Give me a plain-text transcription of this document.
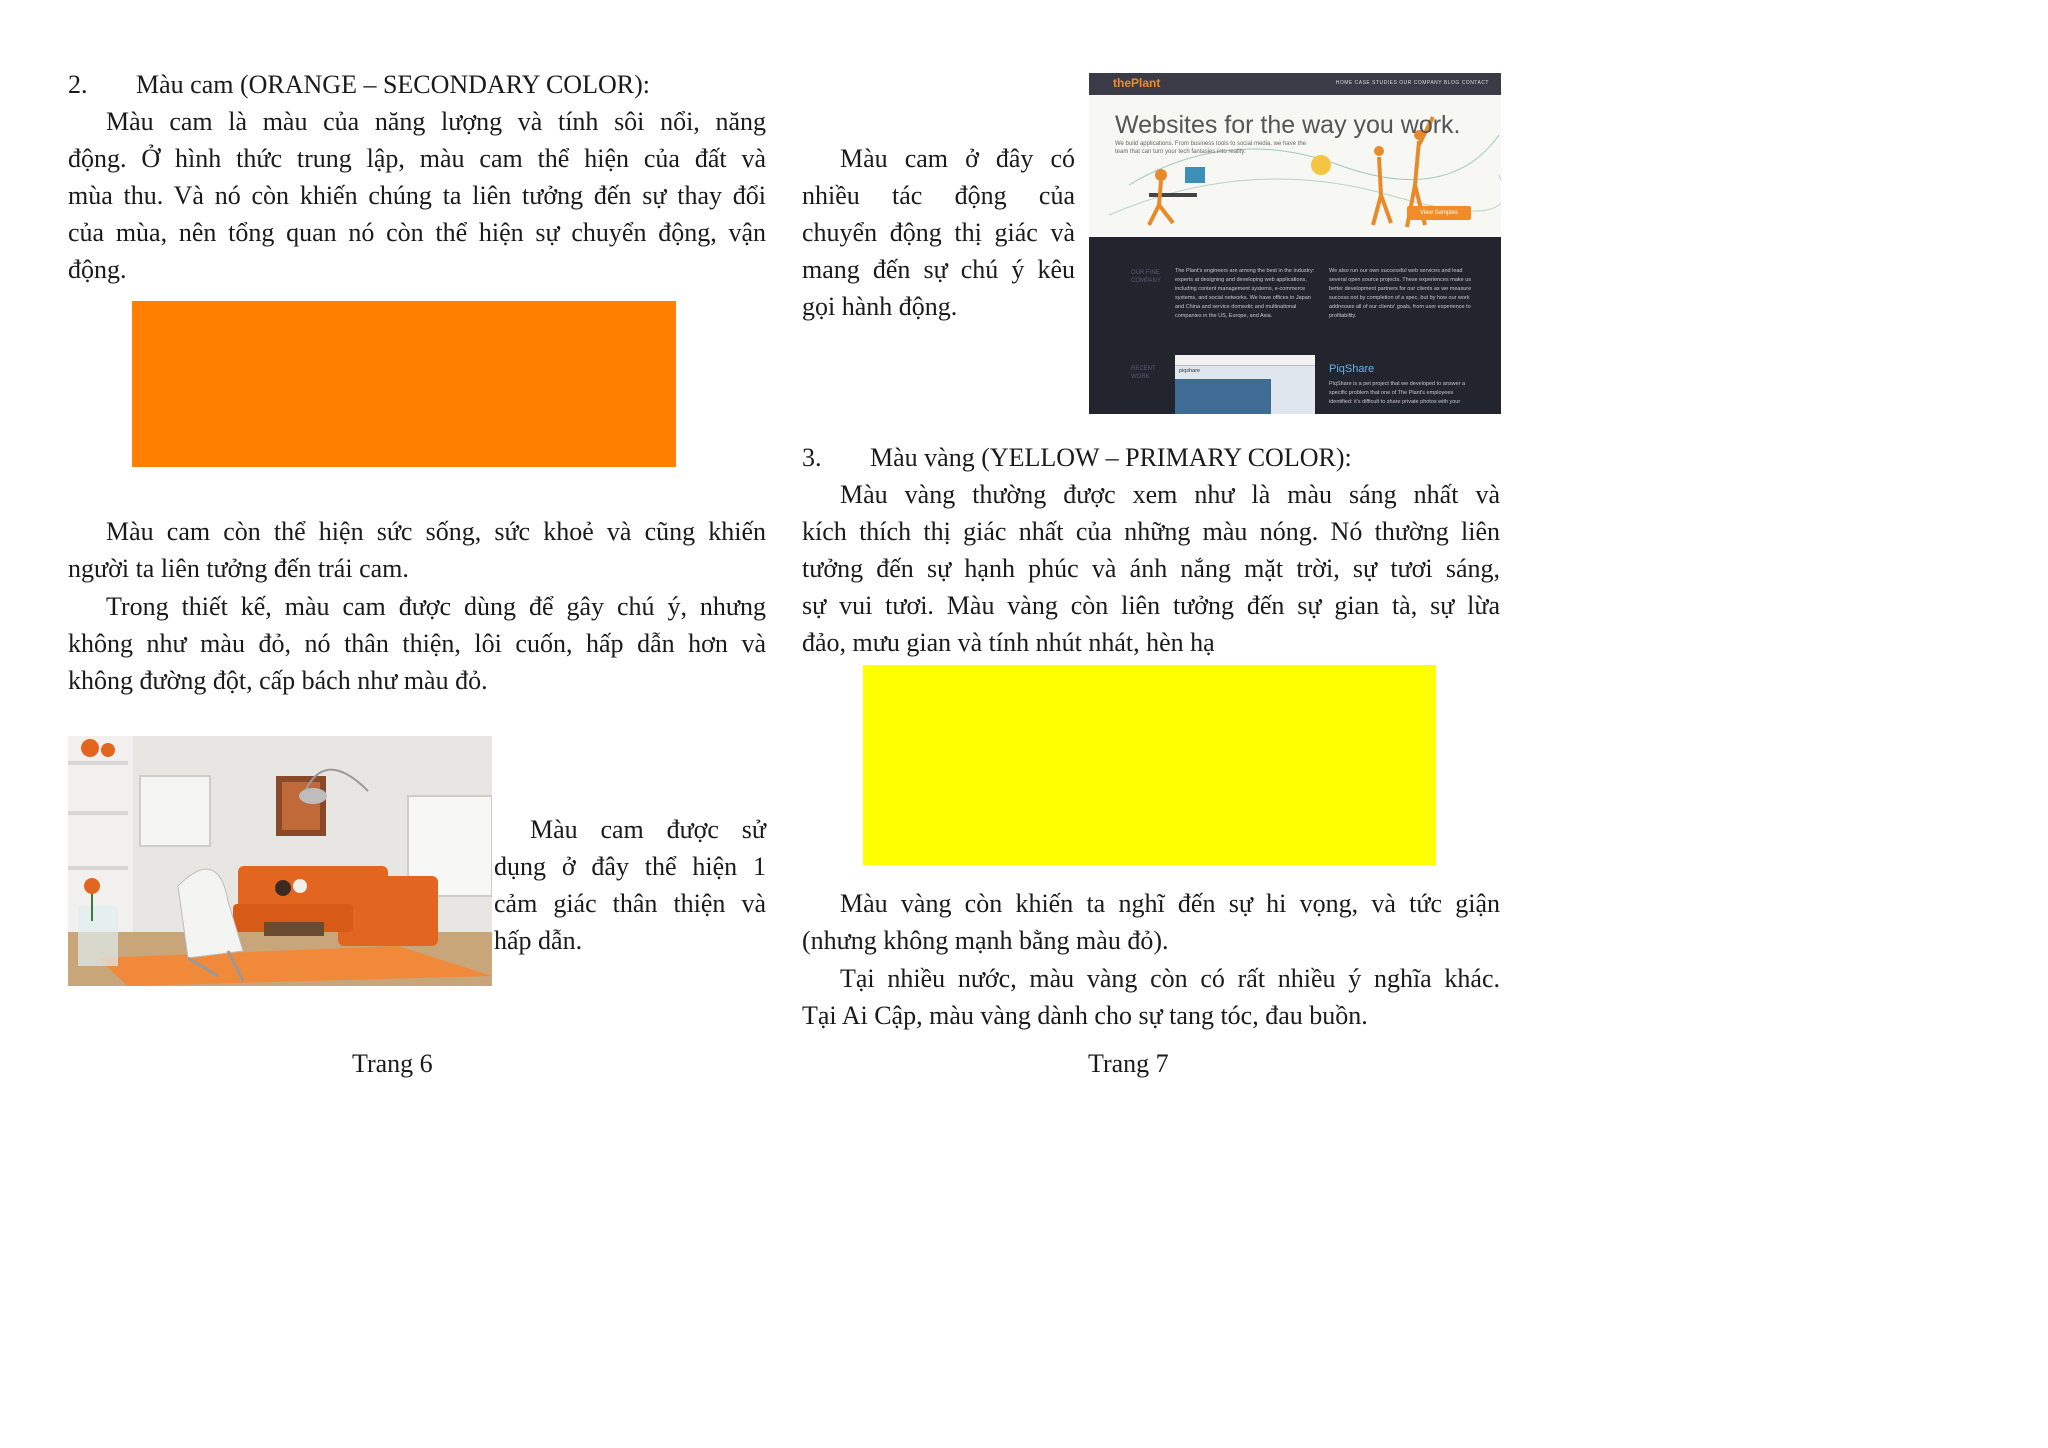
2. Màu cam (ORANGE – SECONDARY COLOR):
Màu cam là màu của năng lượng và tính sôi nổi, năng
động. Ở hình thức trung lập, màu cam thể hiện của đất và
mùa thu. Và nó còn khiến chúng ta liên tưởng đến sự thay đổi
của mùa, nên tổng quan nó còn thể hiện sự chuyển động, vận
động.
Màu cam còn thể hiện sức sống, sức khoẻ và cũng khiến
người ta liên tưởng đến trái cam.
Trong thiết kế, màu cam được dùng để gây chú ý, nhưng
không như màu đỏ, nó thân thiện, lôi cuốn, hấp dẫn hơn và
không đường đột, cấp bách như màu đỏ.
Màu cam được sử
dụng ở đây thể hiện 1
cảm giác thân thiện và
hấp dẫn.
Trang 6
Màu cam ở đây có
nhiều tác động của
chuyển động thị giác và
mang đến sự chú ý kêu
gọi hành động.
thePlant	HOME CASE STUDIES OUR COMPANY BLOG CONTACT
Websites for the way you work.
We build applications. From business tools to social media, we have the team that can turn your tech fantasies into reality.
View Samples
OUR FINE COMPANY
The Plant's engineers are among the best in the industry: experts at designing and developing web applications, including content management systems, e-commerce systems, and social networks. We have offices in Japan and China and service domestic and multinational companies in the US, Europe, and Asia.
We also run our own successful web services and lead several open source projects. These experiences make us better development partners for our clients as we measure success not by completion of a spec, but by how our work addresses all of our clients' goals, from user experience to profitability.
RECENT WORK
piqshare	PiqShare
PiqShare is a pet project that we developed to answer a specific problem that one of The Plant's employees identified: it's difficult to share private photos with your
3. Màu vàng (YELLOW – PRIMARY COLOR):
Màu vàng thường được xem như là màu sáng nhất và
kích thích thị giác nhất của những màu nóng. Nó thường liên
tưởng đến sự hạnh phúc và ánh nắng mặt trời, sự tươi sáng,
sự vui tươi. Màu vàng còn liên tưởng đến sự gian tà, sự lừa
đảo, mưu gian và tính nhút nhát, hèn hạ
Màu vàng còn khiến ta nghĩ đến sự hi vọng, và tức giận
(nhưng không mạnh bằng màu đỏ).
Tại nhiều nước, màu vàng còn có rất nhiều ý nghĩa khác.
Tại Ai Cập, màu vàng dành cho sự tang tóc, đau buồn.
Trang 7
